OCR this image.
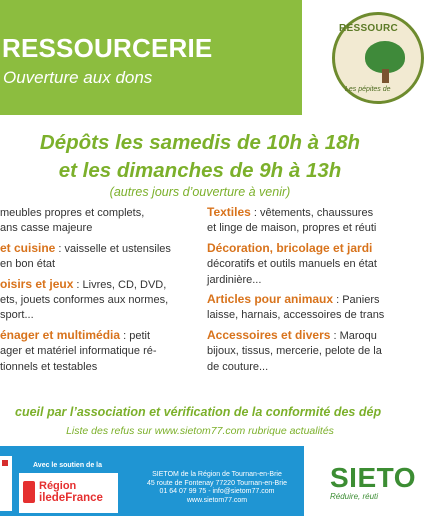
RESSOURCERIE
Ouverture aux dons
RESSOURC
Les pépites de
Dépôts les samedis de 10h à 18h
et les dimanches de 9h à 13h
(autres jours d’ouverture à venir)
meubles propres et complets,
ans casse majeure
et cuisine : vaisselle et ustensiles
en bon état
oisirs et jeux : Livres, CD, DVD,
ets, jouets conformes aux normes,
sport...
énager et multimédia : petit
ager et matériel informatique ré-
tionnels et testables
Textiles : vêtements, chaussures
et linge de maison, propres et réuti
Décoration, bricolage et jardi
décoratifs et outils manuels en état
jardinière...
Articles pour animaux : Paniers
laisse, harnais, accessoires de trans
Accessoires et divers : Maroqu
bijoux, tissus, mercerie, pelote de la
de couture...
cueil par l’association et vérification de la conformité des dép
Liste des refus sur www.sietom77.com rubrique actualités
Avec le soutien de la
Région
iledeFrance
SIETOM de la Région de Tournan-en-Brie
45 route de Fontenay 77220 Tournan-en-Brie
01 64 07 99 75 - info@sietom77.com
www.sietom77.com
SIETO
Réduire, réuti
